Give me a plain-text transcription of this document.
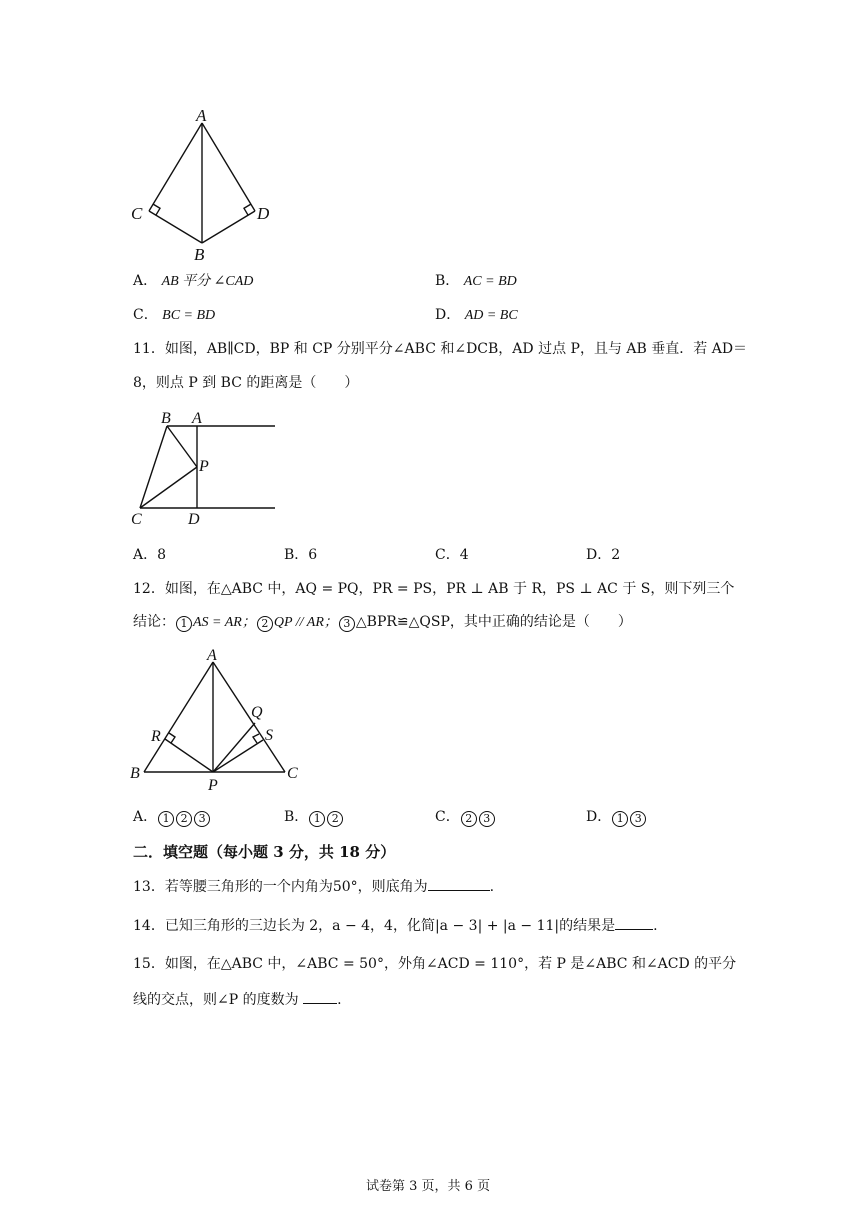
A
C	D
B
A． AB 平分 ∠CAD	B． AC = BD
C． BC = BD	D． AD = BC
11．如图，AB∥CD，BP 和 CP 分别平分∠ABC 和∠DCB，AD 过点 P，且与 AB 垂直．若 AD＝
8，则点 P 到 BC 的距离是（　　）
B A
P
C	D
A．8	B．6	C．4	D．2
12．如图，在△ABC 中，AQ = PQ，PR = PS，PR ⊥ AB 于 R，PS ⊥ AC 于 S，则下列三个
结论： 1 AS = AR； 2 QP // AR； 3 △BPR≌△QSP，其中正确的结论是（　　）
A
Q
R	S
B
P
C
A． 1 2 3	B． 1 2	C． 2 3	D． 1 3
二．填空题（每小题 3 分，共 18 分）
13．若等腰三角形的一个内角为50°，则底角为	.
14．已知三角形的三边长为 2，a − 4，4，化简|a − 3| + |a − 11|的结果是	.
15．如图，在△ABC 中，∠ABC = 50°，外角∠ACD = 110°，若 P 是∠ABC 和∠ACD 的平分
线的交点，则∠P 的度数为	.
试卷第 3 页，共 6 页
